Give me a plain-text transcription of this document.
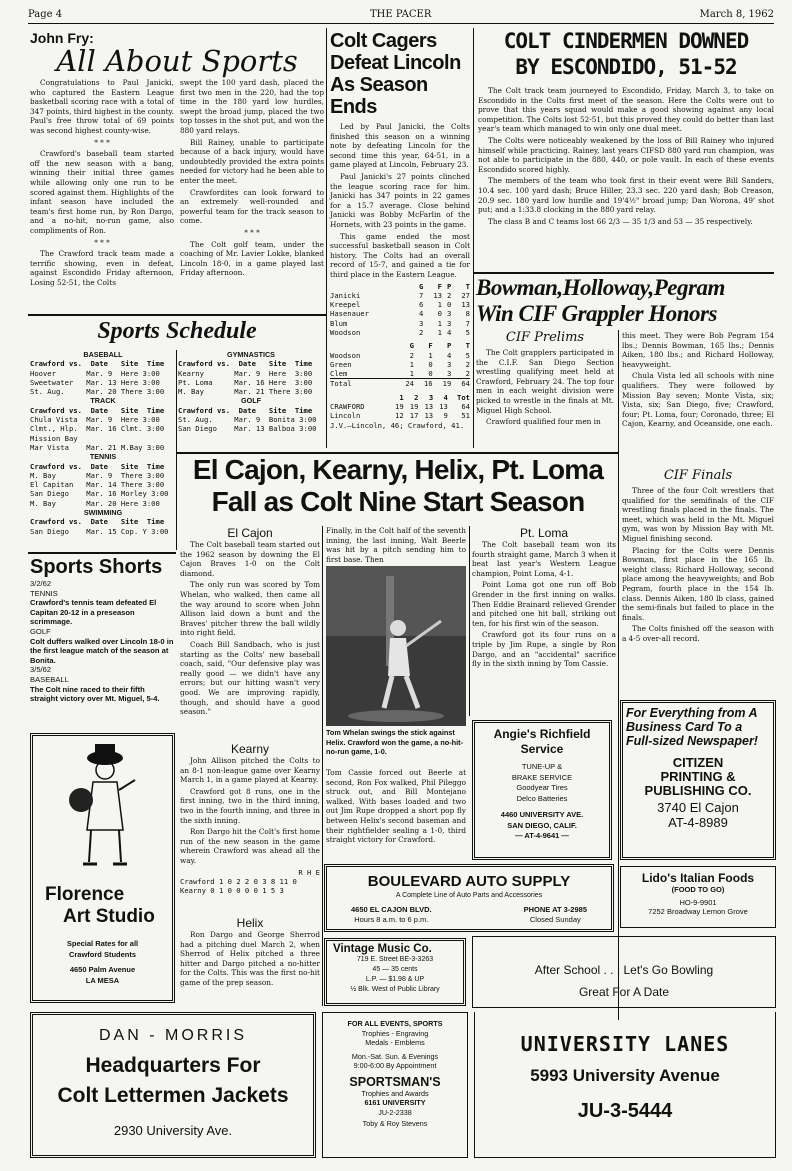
Page 4	THE PACER	March 8, 1962
John Fry:
All About Sports

Congratulations to Paul Janicki, who captured the Eastern League basketball scoring race with a total of 347 points, third highest in the county. Paul's free throw total of 69 points was second highest county-wise.

* * *

Crawford's baseball team started off the new season with a bang, winning their initial three games while allowing only one run to be scored against them. Highlights of the infant season have included the team's first home run, by Ron Dargo, and a no-hit, no-run game, also compliments of Ron.

* * *

The Crawford track team made a terrific showing, even in defeat, against Escondido Friday afternoon, Losing 52-51, the Colts

swept the 100 yard dash, placed the first two men in the 220, had the top time in the 180 yard low hurdles, swept the broad jump, placed the two top tosses in the shot put, and won the 880 yard relays.

Bill Rainey, unable to participate because of a back injury, would have undoubtedly provided the extra points needed for victory had he been able to enter the meet.

Crawfordites can look forward to an extremely well-rounded and powerful team for the track season to come.

* * *

The Colt golf team, under the coaching of Mr. Lavier Lokke, blanked Lincoln 18-0, in a game played last Friday afternoon.

Colt Cagers
Defeat Lincoln
As Season Ends

Led by Paul Janicki, the Colts finished this season on a winning note by defeating Lincoln for the second time this year, 64-51, in a game played at Lincoln, February 23.

Paul Janicki's 27 points clinched the league scoring race for him. Janicki has 347 points in 22 games for a 15.7 average. Close behind Janicki was Bobby McFarlin of the Hornets, with 23 points in the game.

This game ended the most successful basketball season in Colt history. The Colts had an overall record of 15-7, and gained a tie for third place in the Eastern League.

	G	F	P	T
Janicki	7	13	2	27
Kreepel	6	1	0	13
Hasenauer	4	0	3	8
Blum	3	1	3	7
Woodson	2	1	4	5
	G	F	P	T
Woodson	2	1	4	5
Green	1	0	3	2
Clem	1	0	3	2
Total	24	16	19	64
	1	2	3	4	Tot
CRAWFORD	19	19	13	13	64
Lincoln	12	17	13	9	51
J.V.—Lincoln, 46; Crawford, 41.
COLT CINDERMEN DOWNED
BY ESCONDIDO, 51-52

The Colt track team journeyed to Escondido, Friday, March 3, to take on Escondido in the Colts first meet of the season. Here the Colts were out to prove that this years squad would make a good showing against any local competition. The Colts lost 52-51, but this proved they could do better than last year's team which managed to win only one dual meet.

The Colts were noticeably weakened by the loss of Bill Rainey who injured himself while practicing. Rainey, last years CIFSD 880 yard run champion, was not able to participate in the 880, 440, or pole vault. In each of these events Escondido scored highly.

The members of the team who took first in their event were Bill Sanders, 10.4 sec. 100 yard dash; Bruce Hiller, 23.3 sec. 220 yard dash; Bob Creason, 20.9 sec. 180 yard low hurdle and 19'4½" broad jump; Dan Worona, 49' shot put; and a 1:33.8 clocking in the 880 yard relay.

The class B and C teams lost 66 2/3 — 35 1/3 and 53 — 35 respectively.

Bowman,Holloway,Pegram
Win CIF Grappler Honors
CIF Prelims

The Colt grapplers participated in the C.I.F. San Diego Section wrestling qualifying meet held at Crawford, February 24. The top four men in each weight division were picked to wrestle in the finals at Mt. Miguel High School.

Crawford qualified four men in

this meet. They were Bob Pegram 154 lbs.; Dennis Bowman, 165 lbs.; Dennis Aiken, 180 lbs.; and Richard Holloway, heavyweight.

Chula Vista led all schools with nine qualifiers. They were followed by Mission Bay seven; Monte Vista, six; Vista, six; San Diego, five; Crawford, four; Pt. Loma, four; Coronado, three; El Cajon, Kearny, and Oceanside, one each.

CIF Finals

Three of the four Colt wrestlers that qualified for the semifinals of the CIF wrestling finals placed in the finals. The meet, which was held in the Mt. Miguel gym, was won by Mission Bay with Mt. Miguel finishing second.

Placing for the Colts were Dennis Bowman, first place in the 165 lb. weight class; Richard Holloway, second place among the heavyweights; and Bob Pegram, fourth place in the 154 lb. class. Dennis Aiken, 180 lb class, gained the semi-finals but failed to place in the finals.

The Colts finished off the season with a 4-5 over-all record.

For Everything from A Business Card To a Full-sized Newspaper!
CITIZEN
PRINTING &
PUBLISHING CO.
3740 El Cajon
AT-4-8989
Sports Schedule
BASEBALL
Crawford vs.  Date   Site  Time
Hoover       Mar. 9  Here 3:00
Sweetwater   Mar. 13 Here 3:00
St. Aug.     Mar. 20 There 3:00
TRACK
Crawford vs.  Date   Site  Time
Chula Vista  Mar. 9  Here 3:00
Clmt., Hlp.  Mar. 16 Clmt. 3:00
Mission Bay
Mar Vista    Mar. 21 M.Bay 3:00
TENNIS
Crawford vs.  Date   Site  Time
M. Bay       Mar. 9  There 3:00
El Capitan   Mar. 14 There 3:00
San Diego    Mar. 16 Morley 3:00
M. Bay       Mar. 20 Here 3:00
SWIMMING
Crawford vs.  Date   Site  Time
San Diego    Mar. 15 Cop. Y 3:00
GYMNASTICS
Crawford vs.  Date   Site  Time
Kearny       Mar. 9  Here  3:00
Pt. Loma     Mar. 16 Here  3:00
M. Bay       Mar. 21 There 3:00
GOLF
Crawford vs.  Date   Site  Time
St. Aug.     Mar. 9  Bonita 3:00
San Diego    Mar. 13 Balboa 3:00
Sports Shorts
3/2/62
TENNIS
Crawford's tennis team defeated El Capitan 20-12 in a preseason scrimmage.
GOLF
Colt duffers walked over Lincoln 18-0 in the first league match of the season at Bonita.
3/5/62
BASEBALL
The Colt nine raced to their fifth straight victory over Mt. Miguel, 5-4.
Florence
Art Studio
Special Rates for all
Crawford Students
4650 Palm Avenue
LA MESA
El Cajon, Kearny, Helix, Pt. Loma
Fall as Colt Nine Start Season
El Cajon

The Colt baseball team started out the 1962 season by downing the El Cajon Braves 1-0 on the Colt diamond.

The only run was scored by Tom Whelan, who walked, then came all the way around to score when John Allison laid down a bunt and the Braves' pitcher threw the ball wildly into right field.

Coach Bill Sandbach, who is just starting as the Colts' new baseball coach, said, "Our defensive play was really good — we didn't have any errors; but our hitting wasn't very good. We are improving rapidly, though, and should have a good season."

Kearny

John Allison pitched the Colts to an 8-1 non-league game over Kearny March 1, in a game played at Kearny.

Crawford got 8 runs, one in the first inning, two in the third inning, two in the fourth inning, and three in the sixth inning.

Ron Dargo hit the Colt's first home run of the new season in the game wherein Crawford was ahead all the way.

R H E
Crawford 1 0 2 2 0 3 8 11 0
Kearny 0 1 0 0 0 0 1 5 3
Helix

Ron Dargo and George Sherrod had a pitching duel March 2, when Sherrod of Helix pitched a three hitter and Dargo pitched a no-hitter for the Colts. This was the first no-hit game of the prep season.

Finally, in the Colt half of the seventh inning, the last inning, Walt Beerle was hit by a pitch sending him to first base. Then

Tom Whelan swings the stick against Helix. Crawford won the game, a no-hit-no-run game, 1-0.

Tom Cassie forced out Beerle at second, Ron Fox walked, Phil Pileggo struck out, and Bill Montejano walked. With bases loaded and two out Jim Rupe dropped a short pop fly between Helix's second baseman and their rightfielder sealing a 1-0, third straight victory for Crawford.

Pt. Loma

The Colt baseball team won its fourth straight game, March 3 when it beat last year's Western League champion, Point Loma, 4-1.

Point Loma got one run off Bob Grender in the first inning on walks. Then Eddie Brainard relieved Grender and pitched one hit ball, striking out ten, for his first win of the season.

Crawford got its four runs on a triple by Jim Rupe, a single by Ron Dargo, and an "accidental" sacrifice fly in the sixth inning by Tom Cassie.

Angie's Richfield
Service
TUNE-UP &
BRAKE SERVICE
Goodyear Tires
Delco Batteries
4460 UNIVERSITY AVE.
SAN DIEGO, CALIF.
— AT-4-9641 —
BOULEVARD AUTO SUPPLY
A Complete Line of Auto Parts and Accessories
4650 EL CAJON BLVD.
Hours 8 a.m. to 6 p.m.
PHONE AT 3-2985
Closed Sunday
Lido's Italian Foods
(FOOD TO GO)
HO-9-9901
7252 Broadway Lemon Grove
Vintage Music Co.
719 E. Street BE-3-3263
45 — 35 cents
L.P. — $1.98 & UP
½ Blk. West of Public Library
After School . . . Let's Go Bowling
Great For A Date
DAN - MORRIS
Headquarters For
Colt Lettermen Jackets
2930 University Ave.
FOR ALL EVENTS, SPORTS
Trophies - Engraving
Medals - Emblems
Mon.-Sat. Sun. & Evenings
9:00-6:00 By Appointment
SPORTSMAN'S
Trophies and Awards
6161 UNIVERSITY
JU-2-2338
Toby & Roy Stevens
UNIVERSITY LANES
5993 University Avenue
JU-3-5444
